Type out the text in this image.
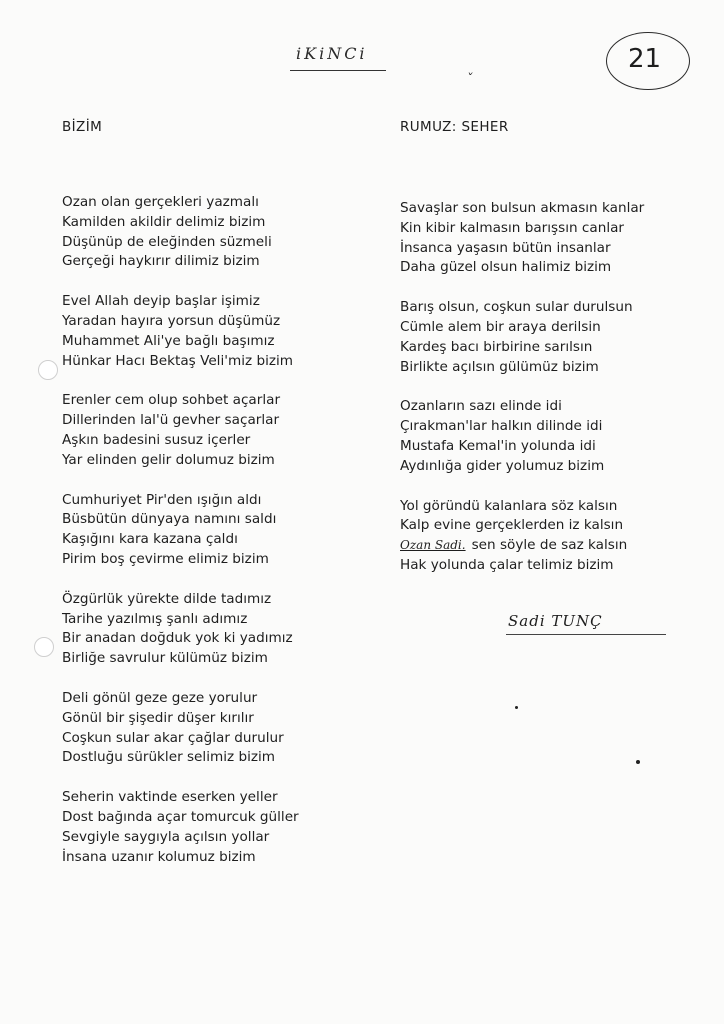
iKiNCi	21
ˇ
BİZİM	RUMUZ: SEHER
Ozan olan gerçekleri yazmalı
Kamilden akildir delimiz bizim
Düşünüp de eleğinden süzmeli
Gerçeği haykırır dilimiz bizim
Evel Allah deyip başlar işimiz
Yaradan hayıra yorsun düşümüz
Muhammet Ali'ye bağlı başımız
Hünkar Hacı Bektaş Veli'miz bizim
Erenler cem olup sohbet açarlar
Dillerinden lal'ü gevher saçarlar
Aşkın badesini susuz içerler
Yar elinden gelir dolumuz bizim
Cumhuriyet Pir'den ışığın aldı
Büsbütün dünyaya namını saldı
Kaşığını kara kazana çaldı
Pirim boş çevirme elimiz bizim
Özgürlük yürekte dilde tadımız
Tarihe yazılmış şanlı adımız
Bir anadan doğduk yok ki yadımız
Birliğe savrulur külümüz bizim
Deli gönül geze geze yorulur
Gönül bir şişedir düşer kırılır
Coşkun sular akar çağlar durulur
Dostluğu sürükler selimiz bizim
Seherin vaktinde eserken yeller
Dost bağında açar tomurcuk güller
Sevgiyle saygıyla açılsın yollar
İnsana uzanır kolumuz bizim
Savaşlar son bulsun akmasın kanlar
Kin kibir kalmasın barışsın canlar
İnsanca yaşasın bütün insanlar
Daha güzel olsun halimiz bizim
Barış olsun, coşkun sular durulsun
Cümle alem bir araya derilsin
Kardeş bacı birbirine sarılsın
Birlikte açılsın gülümüz bizim
Ozanların sazı elinde idi
Çırakman'lar halkın dilinde idi
Mustafa Kemal'in yolunda idi
Aydınlığa gider yolumuz bizim
Yol göründü kalanlara söz kalsın
Kalp evine gerçeklerden iz kalsın
Ozan Sadi. sen söyle de saz kalsın
Hak yolunda çalar telimiz bizim
Sadi TUNÇ
